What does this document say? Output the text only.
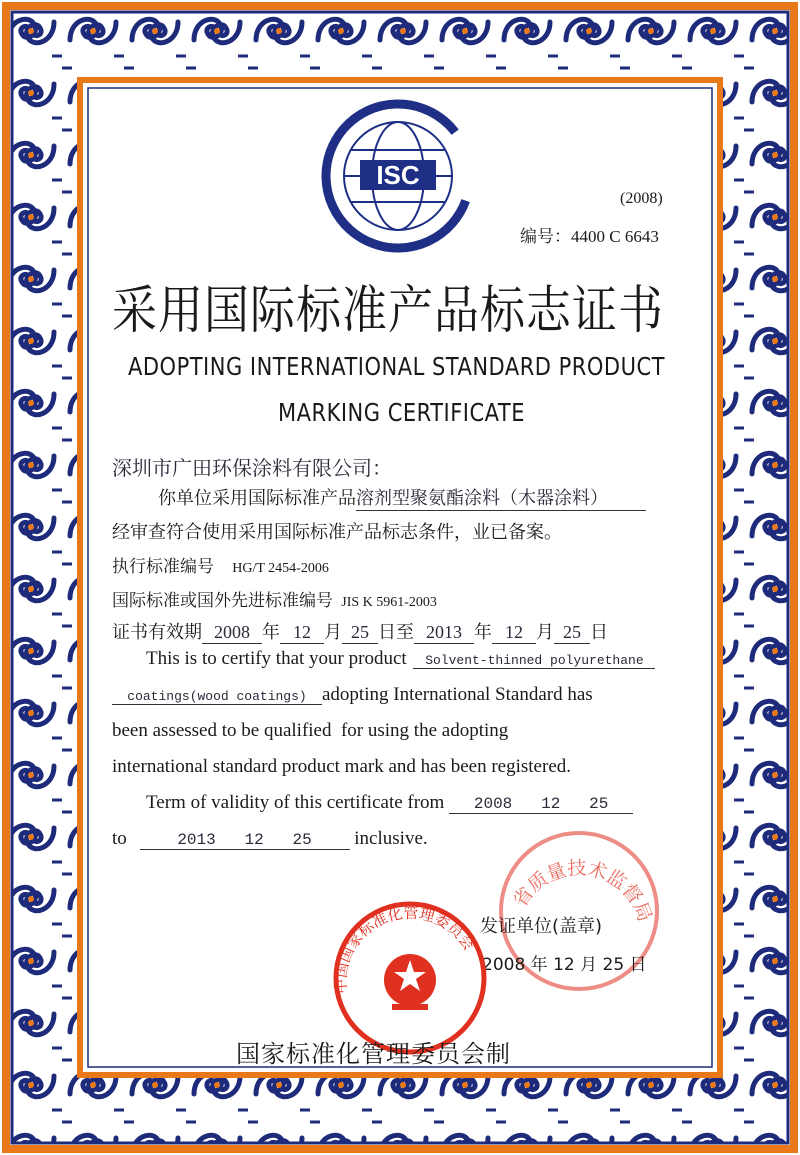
ISC
(2008)
编号：4400 C 6643
采用国际标准产品标志证书
ADOPTING INTERNATIONAL STANDARD PRODUCT
MARKING CERTIFICATE
深圳市广田环保涂料有限公司：
你单位采用国际标准产品溶剂型聚氨酯涂料（木器涂料）
经审查符合使用采用国际标准产品标志条件，业已备案。
执行标准编号 HG/T 2454-2006
国际标准或国外先进标准编号 JIS K 5961-2003
证书有效期 2008 年 12 月 25 日至 2013 年 12 月 25 日
This is to certify that your product Solvent-thinned polyurethane
coatings(wood coatings) adopting International Standard has
been assessed to be qualified  for using the adopting
international standard product mark and has been registered.
Term of validity of this certificate from 2008   12   25
to	2013   12   25 inclusive.
省质量技术监督局
发证单位(盖章)
2008 年 12 月 25 日
中国国家标准化管理委员会
国家标准化管理委员会制
